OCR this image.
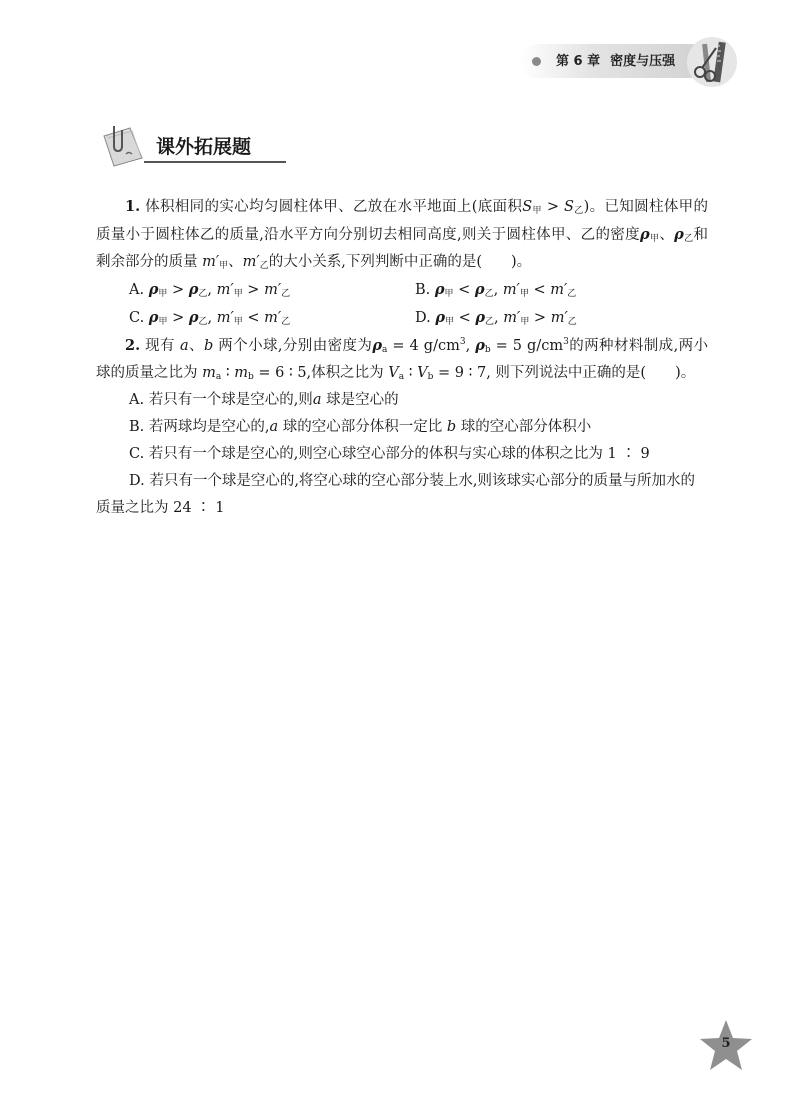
第 6 章 密度与压强
课外拓展题

1. 体积相同的实心均匀圆柱体甲、乙放在水平地面上(底面积$S_甲 > S_乙$)。已知圆柱体甲的质量小于圆柱体乙的质量,沿水平方向分别切去相同高度,则关于圆柱体甲、乙的密度$\rho_甲$、$\rho_乙$和剩余部分的质量 $m'_甲$、$m'_乙$的大小关系,下列判断中正确的是(　　 )。

A. $\rho_甲 > \rho_乙$, $m'_甲 > m'_乙$	B. $\rho_甲 < \rho_乙$, $m'_甲 < m'_乙$
C. $\rho_甲 > \rho_乙$, $m'_甲 < m'_乙$	D. $\rho_甲 < \rho_乙$, $m'_甲 > m'_乙$

2. 现有 a、b 两个小球,分别由密度为$\rho_a = 4$ $g/cm^3$, $\rho_b = 5$ $g/cm^3$的两种材料制成,两小球的质量之比为 $m_a$ ∶ $m_b = 6$ ∶ 5,体积之比为 $V_a$ ∶ $V_b = 9$ ∶ 7, 则下列说法中正确的是(　　 )。

A. 若只有一个球是空心的,则a 球是空心的

B. 若两球均是空心的,a 球的空心部分体积一定比 b 球的空心部分体积小

C. 若只有一个球是空心的,则空心球空心部分的体积与实心球的体积之比为 1 ∶ 9

D. 若只有一个球是空心的,将空心球的空心部分装上水,则该球实心部分的质量与所加水的质量之比为 24 ∶ 1

5
